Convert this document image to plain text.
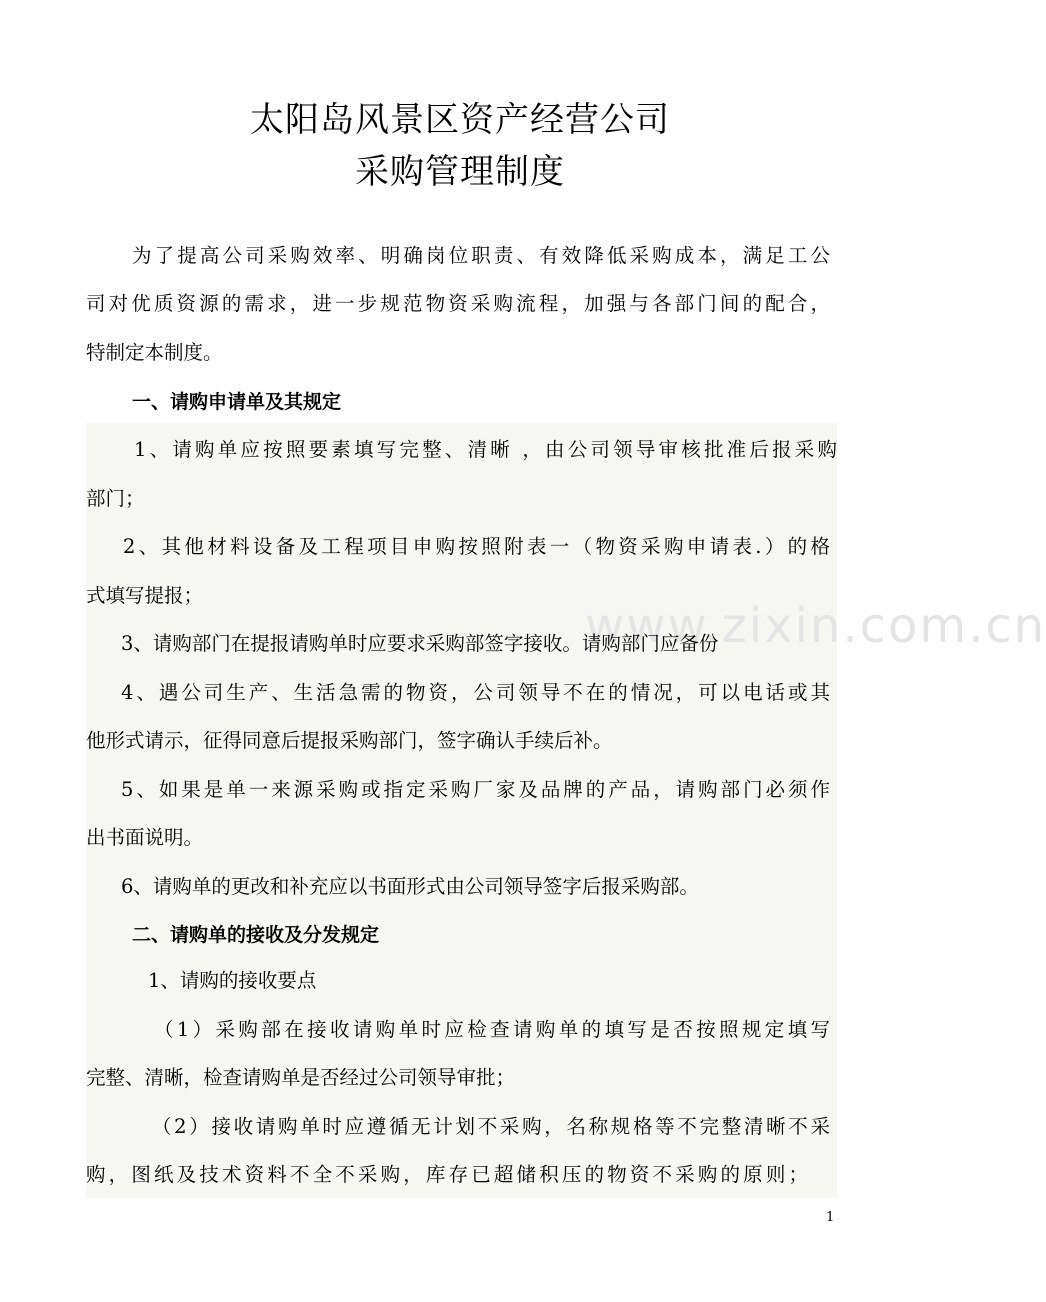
www.zixin.com.cn
太阳岛风景区资产经营公司
采购管理制度
为了提高公司采购效率、明确岗位职责、有效降低采购成本，满足工公
司对优质资源的需求，进一步规范物资采购流程，加强与各部门间的配合，
特制定本制度。
一、请购申请单及其规定
1、请购单应按照要素填写完整、清晰 ，由公司领导审核批准后报采购
部门；
2、其他材料设备及工程项目申购按照附表一（物资采购申请表.）的格
式填写提报；
3、请购部门在提报请购单时应要求采购部签字接收。请购部门应备份
4、遇公司生产、生活急需的物资，公司领导不在的情况，可以电话或其
他形式请示，征得同意后提报采购部门，签字确认手续后补。
5、如果是单一来源采购或指定采购厂家及品牌的产品，请购部门必须作
出书面说明。
6、请购单的更改和补充应以书面形式由公司领导签字后报采购部。
二、请购单的接收及分发规定
1、请购的接收要点
（1）采购部在接收请购单时应检查请购单的填写是否按照规定填写
完整、清晰，检查请购单是否经过公司领导审批；
（2）接收请购单时应遵循无计划不采购，名称规格等不完整清晰不采
购，图纸及技术资料不全不采购，库存已超储积压的物资不采购的原则；
1
